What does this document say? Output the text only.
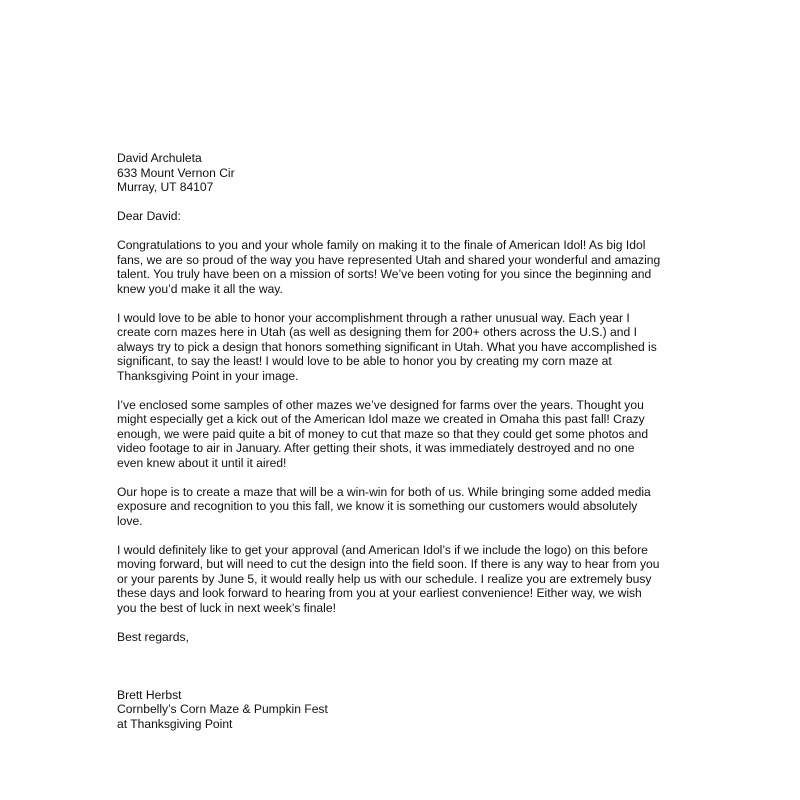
David Archuleta
633 Mount Vernon Cir
Murray, UT 84107
Dear David:
Congratulations to you and your whole family on making it to the finale of American Idol! As big Idol
fans, we are so proud of the way you have represented Utah and shared your wonderful and amazing
talent. You truly have been on a mission of sorts! We’ve been voting for you since the beginning and
knew you’d make it all the way.
I would love to be able to honor your accomplishment through a rather unusual way. Each year I
create corn mazes here in Utah (as well as designing them for 200+ others across the U.S.) and I
always try to pick a design that honors something significant in Utah. What you have accomplished is
significant, to say the least! I would love to be able to honor you by creating my corn maze at
Thanksgiving Point in your image.
I’ve enclosed some samples of other mazes we’ve designed for farms over the years. Thought you
might especially get a kick out of the American Idol maze we created in Omaha this past fall! Crazy
enough, we were paid quite a bit of money to cut that maze so that they could get some photos and
video footage to air in January. After getting their shots, it was immediately destroyed and no one
even knew about it until it aired!
Our hope is to create a maze that will be a win-win for both of us. While bringing some added media
exposure and recognition to you this fall, we know it is something our customers would absolutely
love.
I would definitely like to get your approval (and American Idol’s if we include the logo) on this before
moving forward, but will need to cut the design into the field soon. If there is any way to hear from you
or your parents by June 5, it would really help us with our schedule. I realize you are extremely busy
these days and look forward to hearing from you at your earliest convenience! Either way, we wish
you the best of luck in next week’s finale!
Best regards,
Brett Herbst
Cornbelly’s Corn Maze & Pumpkin Fest
at Thanksgiving Point
